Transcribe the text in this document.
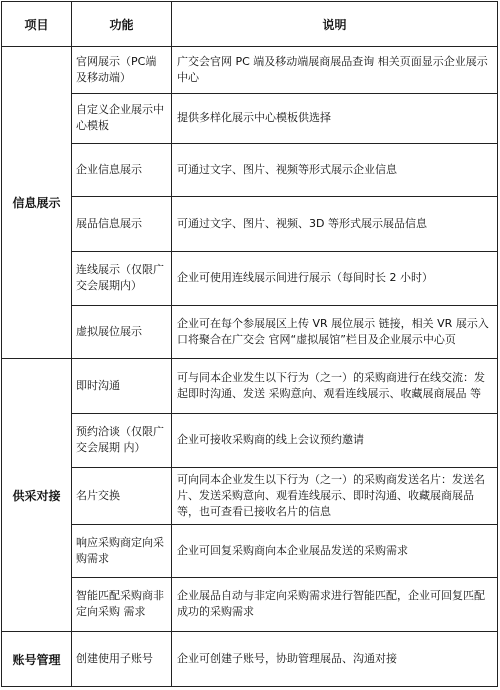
项目	功能	说明
信息展示	官网展示（PC端及移动端）	广交会官网 PC 端及移动端展商展品查询 相关页面显示企业展示中心
	自定义企业展示中心模板	提供多样化展示中心模板供选择
	企业信息展示	可通过文字、图片、视频等形式展示企业信息
	展品信息展示	可通过文字、图片、视频、3D 等形式展示展品信息
	连线展示（仅限广交会展期内）	企业可使用连线展示间进行展示（每间时长 2 小时）
	虚拟展位展示	企业可在每个参展展区上传 VR 展位展示 链接，相关 VR 展示入口将聚合在广交会 官网“虚拟展馆”栏目及企业展示中心页
供采对接	即时沟通	可与同本企业发生以下行为（之一）的采购商进行在线交流：发起即时沟通、发送 采购意向、观看连线展示、收藏展商展品 等
	预约洽谈（仅限广交会展期 内）	企业可接收采购商的线上会议预约邀请
	名片交换	可向同本企业发生以下行为（之一）的采购商发送名片：发送名片、发送采购意向、观看连线展示、即时沟通、收藏展商展品 等，也可查看已接收名片的信息
	响应采购商定向采购需求	企业可回复采购商向本企业展品发送的采购需求
	智能匹配采购商非定向采购 需求	企业展品自动与非定向采购需求进行智能匹配，企业可回复匹配成功的采购需求
账号管理	创建使用子账号	企业可创建子账号，协助管理展品、沟通对接
